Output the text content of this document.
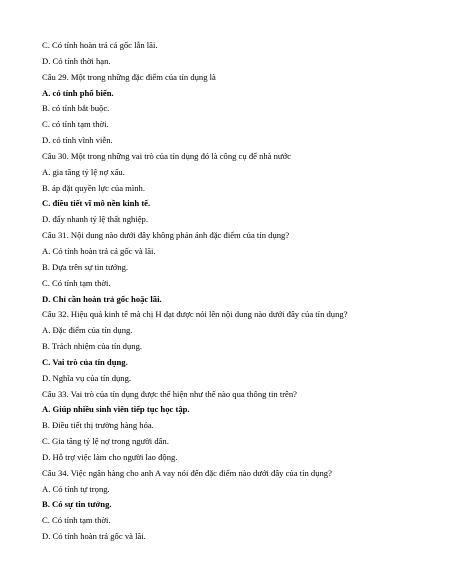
C. Có tính hoàn trả cả gốc lẫn lãi.
D. Có tính thời hạn.
Câu 29. Một trong những đặc điểm của tín dụng là
A. có tính phổ biến.
B. có tính bắt buộc.
C. có tính tạm thời.
D. có tính vĩnh viễn.
Câu 30. Một trong những vai trò của tín dụng đó là công cụ để nhà nước
A. gia tăng tỷ lệ nợ xấu.
B. áp đặt quyền lực của mình.
C. điều tiết vĩ mô nền kinh tế.
D. đẩy nhanh tỷ lệ thất nghiệp.
Câu 31. Nội dung nào dưới đây không phản ánh đặc điểm của tín dụng?
A. Có tính hoàn trả cả gốc và lãi.
B. Dựa trên sự tin tưởng.
C. Có tính tạm thời.
D. Chỉ cần hoàn trả gốc hoặc lãi.
Câu 32. Hiệu quả kinh tế mà chị H đạt được nói lên nội dung nào dưới đây của tín dụng?
A. Đặc điểm của tín dụng.
B. Trách nhiệm của tín dụng.
C. Vai trò của tín dụng.
D. Nghĩa vụ của tín dụng.
Câu 33. Vai trò của tín dụng được thể hiện như thế nào qua thông tin trên?
A. Giúp nhiều sinh viên tiếp tục học tập.
B. Điều tiết thị trường hàng hóa.
C. Gia tăng tỷ lệ nợ trong người dân.
D. Hỗ trợ việc làm cho người lao động.
Câu 34. Việc ngân hàng cho anh A vay nói đến đặc điểm nào dưới đây của tín dụng?
A. Có tính tự trọng.
B. Có sự tin tưởng.
C. Có tính tạm thời.
D. Có tính hoàn trả gốc và lãi.
